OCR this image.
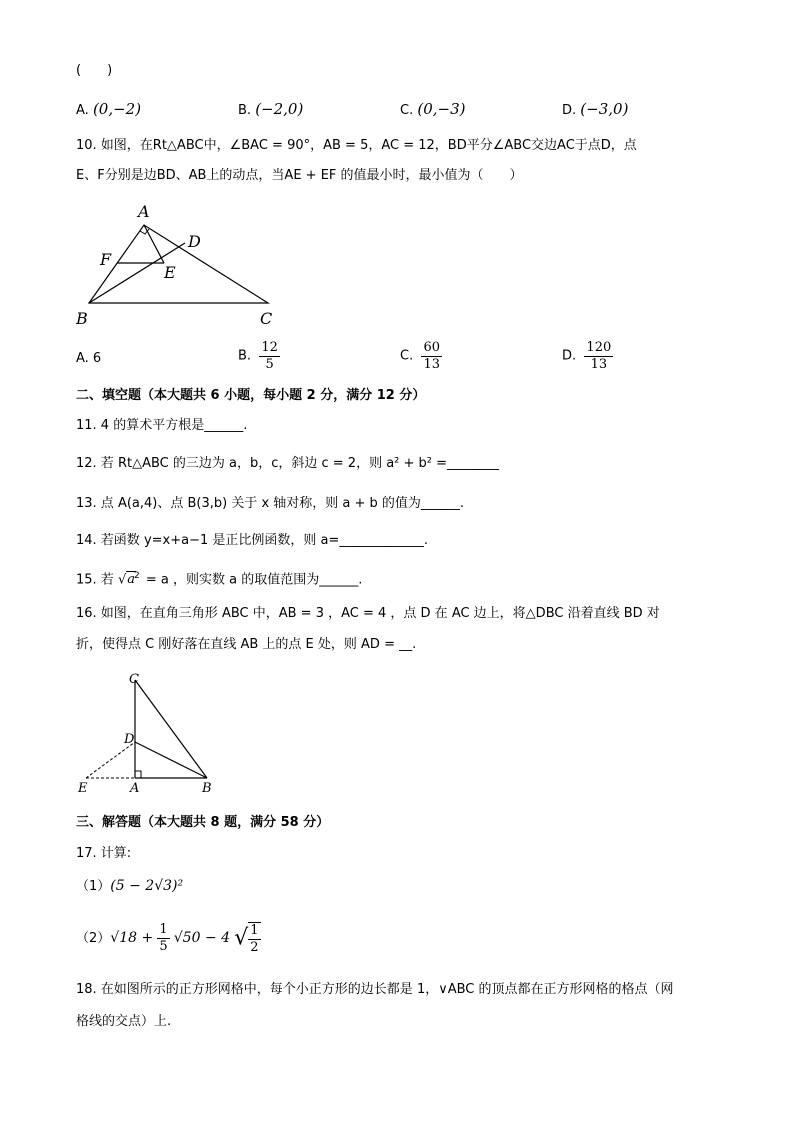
(　　)
A. (0,−2)	B. (−2,0)	C. (0,−3)	D. (−3,0)
10. 如图，在Rt△ABC中，∠BAC = 90°，AB = 5，AC = 12，BD平分∠ABC交边AC于点D，点
E、F分别是边BD、AB上的动点，当AE + EF 的值最小时，最小值为（　　）
A
D
F
E
B	C
A. 6	B. $\frac{12}{5}$	C. $\frac{60}{13}$	D. $\frac{120}{13}$
二、填空题（本大题共 6 小题，每小题 2 分，满分 12 分）
11. 4 的算术平方根是______.
12. 若 Rt△ABC 的三边为 a，b，c，斜边 c = 2，则 a² + b² =________
13. 点 A(a,4)、点 B(3,b) 关于 x 轴对称，则 a + b 的值为______.
14. 若函数 y=x+a−1 是正比例函数，则 a=_____________.
15. 若 $√a^2 = a$ ，则实数 a 的取值范围为______.
16. 如图，在直角三角形 ABC 中，AB = 3 ，AC = 4 ，点 D 在 AC 边上，将△DBC 沿着直线 BD 对
折，使得点 C 刚好落在直线 AB 上的点 E 处，则 AD = __.
C
D
E	A	B
三、解答题（本大题共 8 题，满分 58 分）
17. 计算:
（1）(5 − 2√3)²
$(2)√18 + \frac{1}{5} √50 - 4$ √ $\frac{1}{2}$
18. 在如图所示的正方形网格中，每个小正方形的边长都是 1，∨ABC 的顶点都在正方形网格的格点（网
格线的交点）上.
